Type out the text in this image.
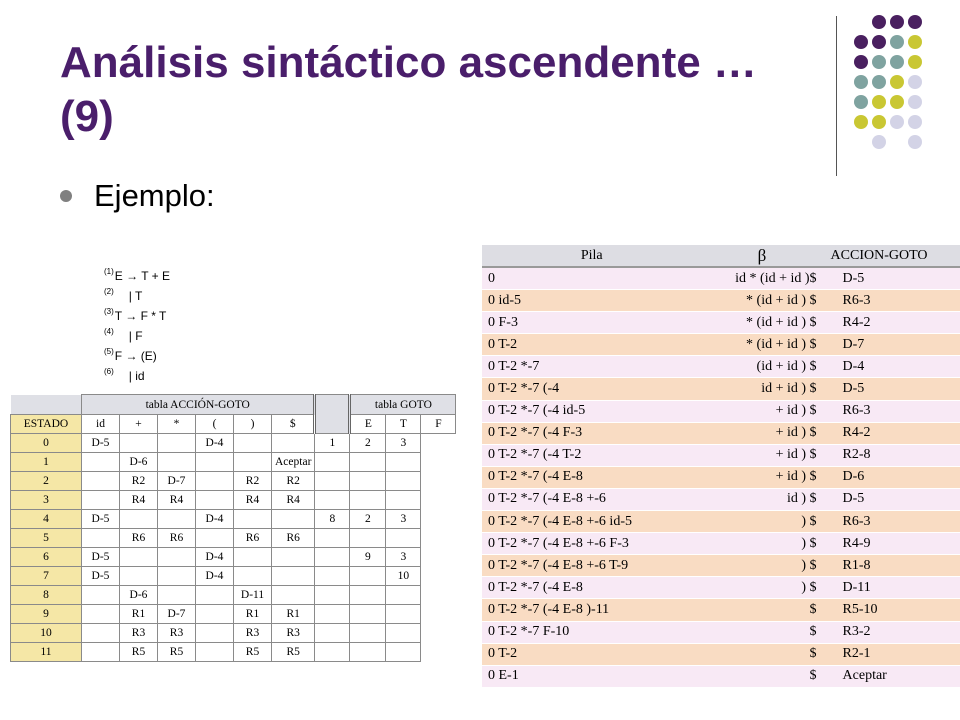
Análisis sintáctico ascendente … (9)
Ejemplo:
$^{(1)}$E → T + E
$^{(2)}$ | T
$^{(3)}$T → F * T
$^{(4)}$ | F
$^{(5)}$F → (E)
$^{(6)}$ | id
	tabla ACCIÓN-GOTO							tabla GOTO		
ESTADO	id	+	*	(	)	$		E	T	F
0	D-5			D-4			1	2	3	
1		D-6				Aceptar				
2		R2	D-7		R2	R2				
3		R4	R4		R4	R4				
4	D-5			D-4			8	2	3	
5		R6	R6		R6	R6				
6	D-5			D-4				9	3	
7	D-5			D-4					10	
8		D-6			D-11					
9		R1	D-7		R1	R1				
10		R3	R3		R3	R3				
11		R5	R5		R5	R5				
Pila	β	ACCION-GOTO
0	id * (id + id )$	D-5
0 id-5	* (id + id ) $	R6-3
0 F-3	* (id + id ) $	R4-2
0 T-2	* (id + id ) $	D-7
0 T-2 *-7	(id + id ) $	D-4
0 T-2 *-7 (-4	id + id ) $	D-5
0 T-2 *-7 (-4 id-5	+ id ) $	R6-3
0 T-2 *-7 (-4 F-3	+ id ) $	R4-2
0 T-2 *-7 (-4 T-2	+ id ) $	R2-8
0 T-2 *-7 (-4 E-8	+ id ) $	D-6
0 T-2 *-7 (-4 E-8 +-6	id ) $	D-5
0 T-2 *-7 (-4 E-8 +-6 id-5	) $	R6-3
0 T-2 *-7 (-4 E-8 +-6 F-3	) $	R4-9
0 T-2 *-7 (-4 E-8 +-6 T-9	) $	R1-8
0 T-2 *-7 (-4 E-8	) $	D-11
0 T-2 *-7 (-4 E-8 )-11	$	R5-10
0 T-2 *-7 F-10	$	R3-2
0 T-2	$	R2-1
0 E-1	$	Aceptar
